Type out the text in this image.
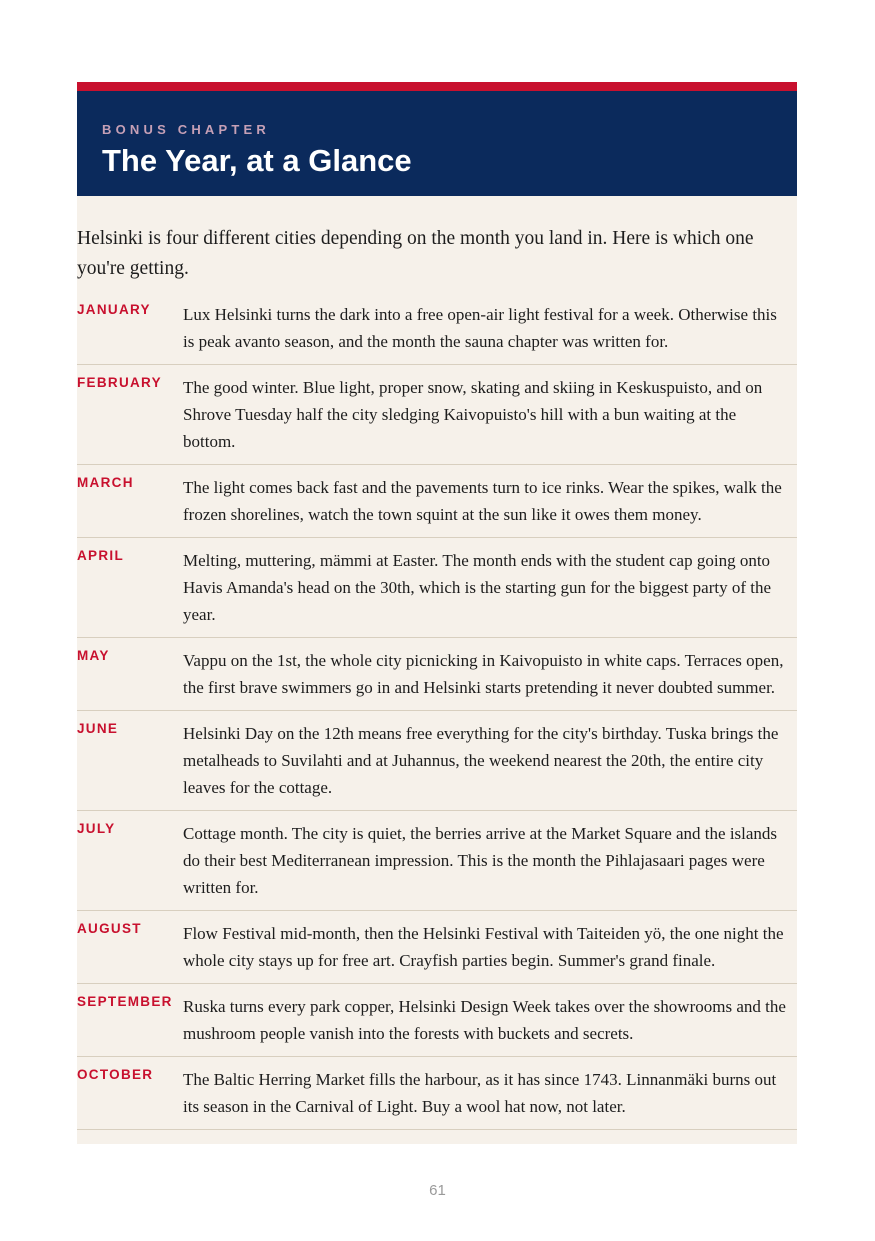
BONUS CHAPTER

The Year, at a Glance

Helsinki is four different cities depending on the month you land in. Here is which one you're getting.

JANUARY	Lux Helsinki turns the dark into a free open-air light festival for a week. Otherwise this is peak avanto season, and the month the sauna chapter was written for.
FEBRUARY	The good winter. Blue light, proper snow, skating and skiing in Keskuspuisto, and on Shrove Tuesday half the city sledging Kaivopuisto's hill with a bun waiting at the bottom.
MARCH	The light comes back fast and the pavements turn to ice rinks. Wear the spikes, walk the frozen shorelines, watch the town squint at the sun like it owes them money.
APRIL	Melting, muttering, mämmi at Easter. The month ends with the student cap going onto Havis Amanda's head on the 30th, which is the starting gun for the biggest party of the year.
MAY	Vappu on the 1st, the whole city picnicking in Kaivopuisto in white caps. Terraces open, the first brave swimmers go in and Helsinki starts pretending it never doubted summer.
JUNE	Helsinki Day on the 12th means free everything for the city's birthday. Tuska brings the metalheads to Suvilahti and at Juhannus, the weekend nearest the 20th, the entire city leaves for the cottage.
JULY	Cottage month. The city is quiet, the berries arrive at the Market Square and the islands do their best Mediterranean impression. This is the month the Pihlajasaari pages were written for.
AUGUST	Flow Festival mid-month, then the Helsinki Festival with Taiteiden yö, the one night the whole city stays up for free art. Crayfish parties begin. Summer's grand finale.
SEPTEMBER Ruska turns every park copper, Helsinki Design Week takes over the showrooms and the mushroom people vanish into the forests with buckets and secrets.
OCTOBER	The Baltic Herring Market fills the harbour, as it has since 1743. Linnanmäki burns out its season in the Carnival of Light. Buy a wool hat now, not later.
61
